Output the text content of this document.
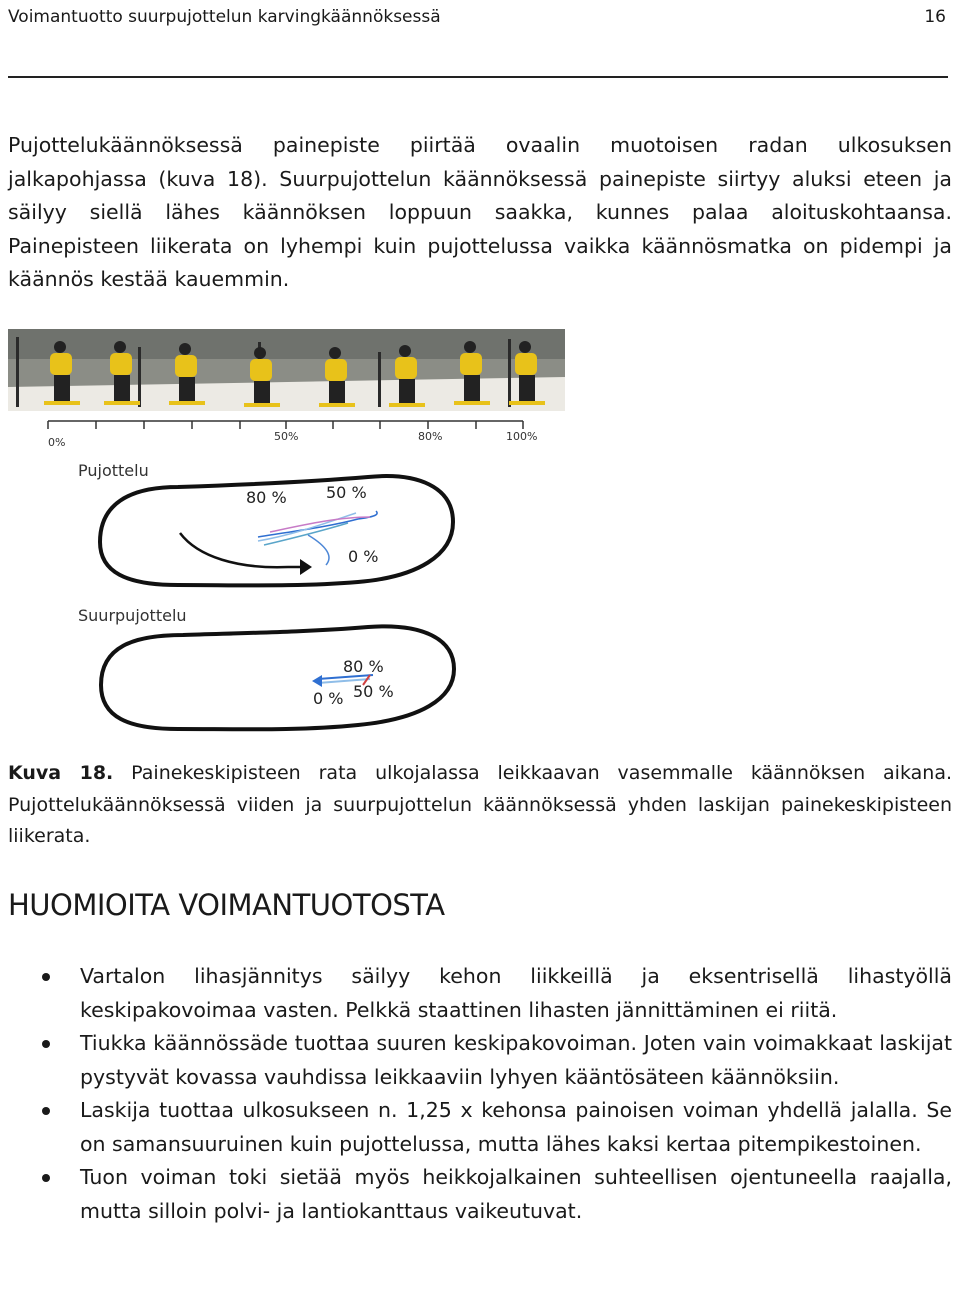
Voimantuotto suurpujottelun karvingkäännöksessä	16

Pujottelukäännöksessä painepiste piirtää ovaalin muotoisen radan ulkosuksen jalkapohjassa (kuva 18). Suurpujottelun käännöksessä painepiste siirtyy aluksi eteen ja säilyy siellä lähes käännöksen loppuun saakka, kunnes palaa aloituskohtaansa. Painepisteen liikerata on lyhempi kuin pujottelussa vaikka käännösmatka on pidempi ja käännös kestää kauemmin.

0%	50%	80%	100%
Pujottelu
80 % 50 %
0 %
Suurpujottelu
80 %
0 % 50 %

Kuva 18. Painekeskipisteen rata ulkojalassa leikkaavan vasemmalle käännöksen aikana. Pujottelukäännöksessä viiden ja suurpujottelun käännöksessä yhden laskijan painekeskipisteen liikerata.

HUOMIOITA VOIMANTUOTOSTA
Vartalon lihasjännitys säilyy kehon liikkeillä ja eksentrisellä lihastyöllä keskipakovoimaa vasten. Pelkkä staattinen lihasten jännittäminen ei riitä.
Tiukka käännössäde tuottaa suuren keskipakovoiman. Joten vain voimakkaat laskijat pystyvät kovassa vauhdissa leikkaaviin lyhyen kääntösäteen käännöksiin.
Laskija tuottaa ulkosukseen n. 1,25 x kehonsa painoisen voiman yhdellä jalalla. Se on samansuuruinen kuin pujottelussa, mutta lähes kaksi kertaa pitempikestoinen.
Tuon voiman toki sietää myös heikkojalkainen suhteellisen ojentuneella raajalla, mutta silloin polvi- ja lantiokanttaus vaikeutuvat.
